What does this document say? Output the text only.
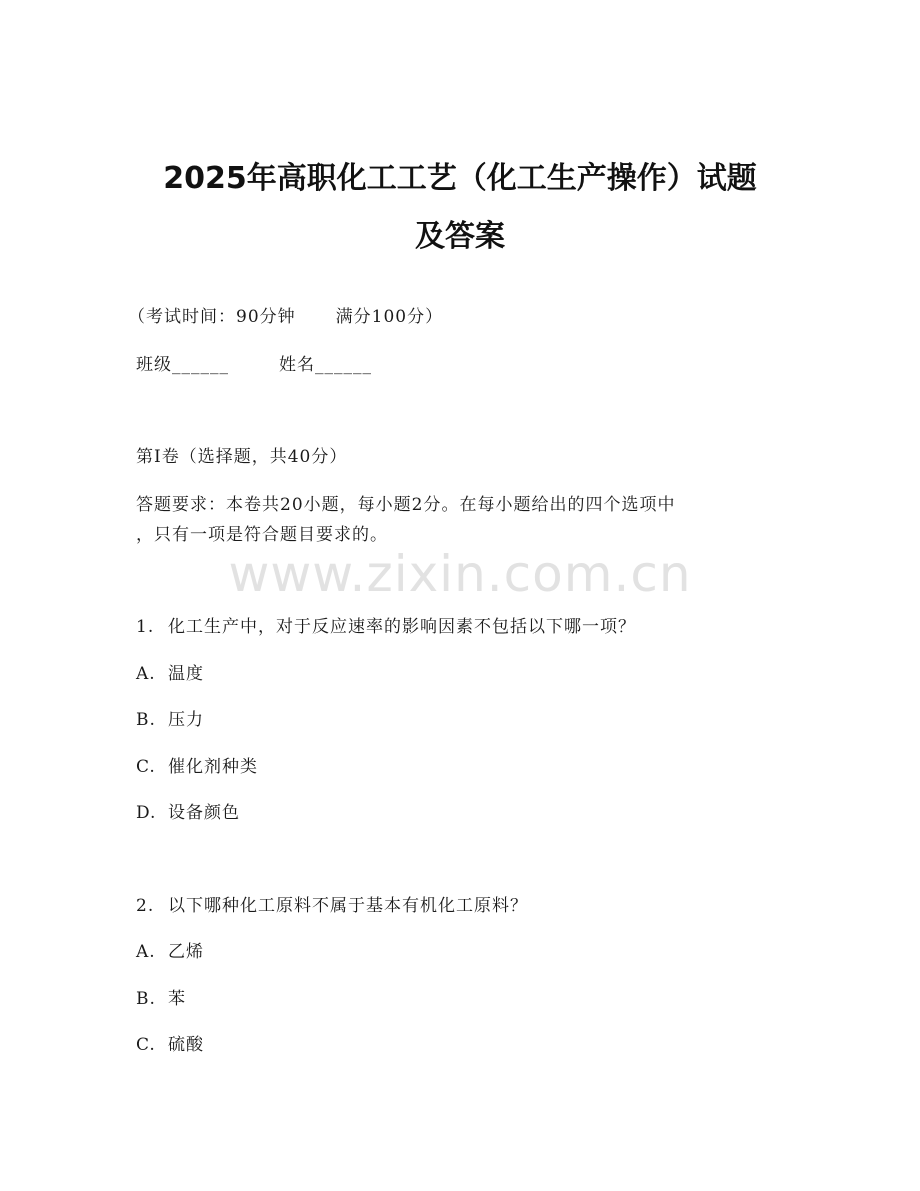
2025年高职化工工艺（化工生产操作）试题
及答案
（考试时间：90分钟 满分100分）
班级______	姓名______
第I卷（选择题，共40分）
答题要求：本卷共20小题，每小题2分。在每小题给出的四个选项中
，只有一项是符合题目要求的。
www.zixin.com.cn
1. 化工生产中，对于反应速率的影响因素不包括以下哪一项？
A. 温度
B. 压力
C. 催化剂种类
D. 设备颜色
2. 以下哪种化工原料不属于基本有机化工原料？
A. 乙烯
B. 苯
C. 硫酸
